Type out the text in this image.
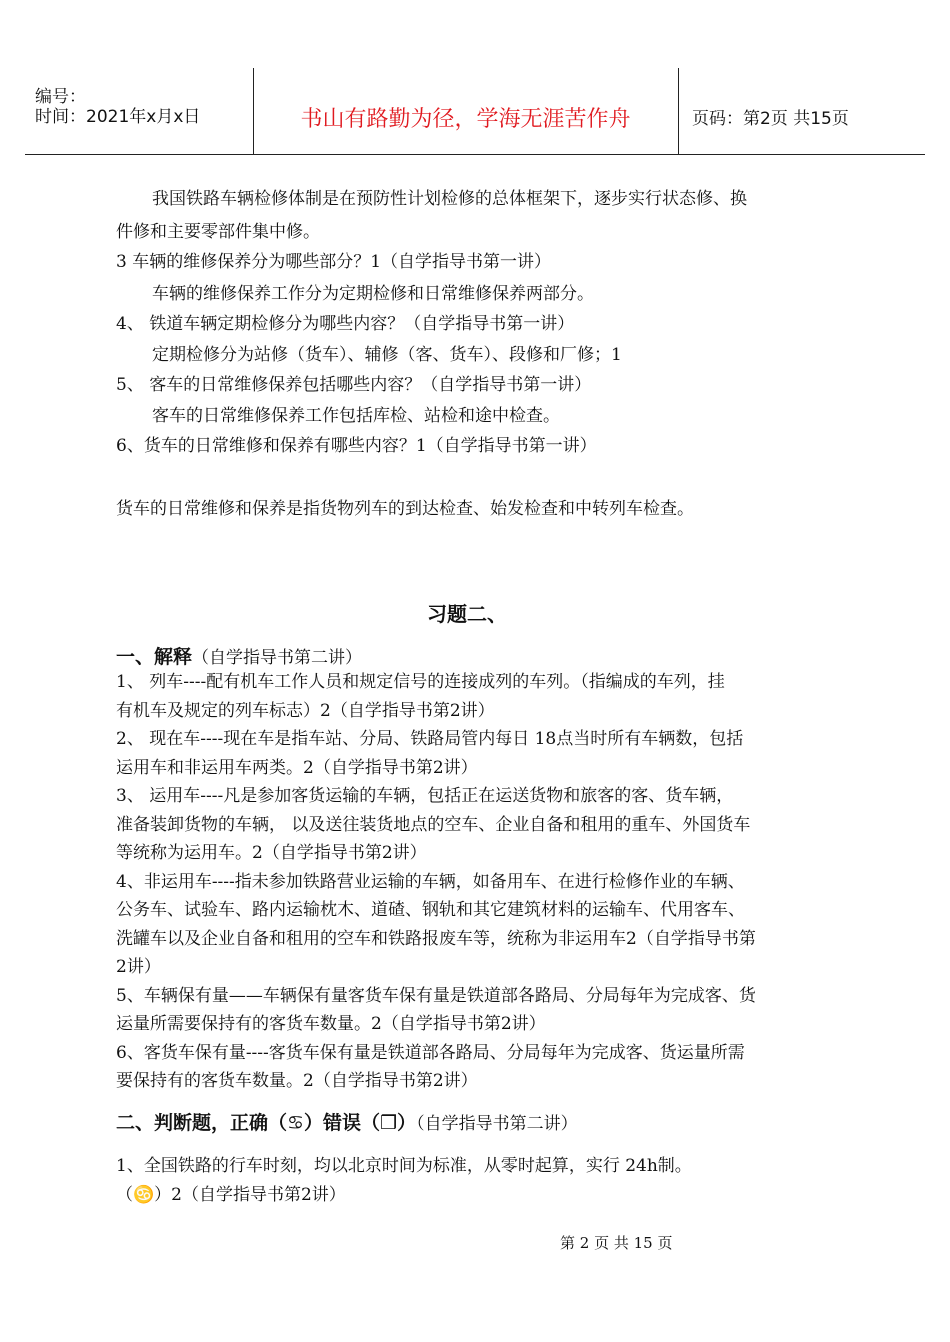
编号：
时间：2021年x月x日	书山有路勤为径，学海无涯苦作舟	页码：第2页 共15页
我国铁路车辆检修体制是在预防性计划检修的总体框架下，逐步实行状态修、换
件修和主要零部件集中修。
3 车辆的维修保养分为哪些部分？1（自学指导书第一讲）
车辆的维修保养工作分为定期检修和日常维修保养两部分。
4、 铁道车辆定期检修分为哪些内容？（自学指导书第一讲）
定期检修分为站修（货车）、辅修（客、货车）、段修和厂修；1
5、 客车的日常维修保养包括哪些内容？（自学指导书第一讲）
客车的日常维修保养工作包括库检、站检和途中检查。
6、货车的日常维修和保养有哪些内容？1（自学指导书第一讲）
货车的日常维修和保养是指货物列车的到达检查、始发检查和中转列车检查。
习题二、
一、解释（自学指导书第二讲）
1、 列车----配有机车工作人员和规定信号的连接成列的车列。（指编成的车列，挂
有机车及规定的列车标志）2（自学指导书第2讲）
2、 现在车----现在车是指车站、分局、铁路局管内每日 18点当时所有车辆数，包括
运用车和非运用车两类。2（自学指导书第2讲）
3、 运用车----凡是参加客货运输的车辆，包括正在运送货物和旅客的客、货车辆，
准备装卸货物的车辆， 以及送往装货地点的空车、企业自备和租用的重车、外国货车
等统称为运用车。2（自学指导书第2讲）
4、非运用车----指未参加铁路营业运输的车辆，如备用车、在进行检修作业的车辆、
公务车、试验车、路内运输枕木、道碴、钢轨和其它建筑材料的运输车、代用客车、
洗罐车以及企业自备和租用的空车和铁路报废车等，统称为非运用车2（自学指导书第
2讲）
5、车辆保有量——车辆保有量客货车保有量是铁道部各路局、分局每年为完成客、货
运量所需要保持有的客货车数量。2（自学指导书第2讲）
6、客货车保有量----客货车保有量是铁道部各路局、分局每年为完成客、货运量所需
要保持有的客货车数量。2（自学指导书第2讲）
二、判断题，正确（♋）错误（❒）（自学指导书第二讲）
1、全国铁路的行车时刻，均以北京时间为标准，从零时起算，实行 24h制。
（♋）2（自学指导书第2讲）
第 2 页 共 15 页
